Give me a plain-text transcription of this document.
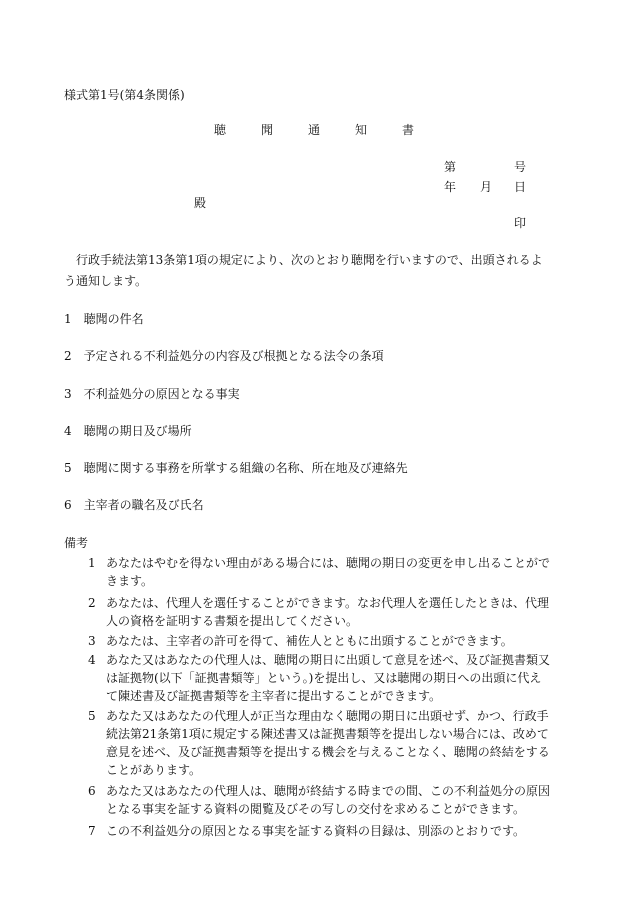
様式第1号(第4条関係)
聴	聞	通	知	書
第	号
年 月 日
殿
印
行政手続法第13条第1項の規定により、次のとおり聴聞を行いますので、出頭されるよう通知します。
1 聴聞の件名
2 予定される不利益処分の内容及び根拠となる法令の条項
3 不利益処分の原因となる事実
4 聴聞の期日及び場所
5 聴聞に関する事務を所掌する組織の名称、所在地及び連絡先
6 主宰者の職名及び氏名
備考
1 あなたはやむを得ない理由がある場合には、聴聞の期日の変更を申し出ることができます。
2 あなたは、代理人を選任することができます。なお代理人を選任したときは、代理人の資格を証明する書類を提出してください。
3 あなたは、主宰者の許可を得て、補佐人とともに出頭することができます。
4 あなた又はあなたの代理人は、聴聞の期日に出頭して意見を述べ、及び証拠書類又は証拠物(以下「証拠書類等」という。)を提出し、又は聴聞の期日への出頭に代えて陳述書及び証拠書類等を主宰者に提出することができます。
5 あなた又はあなたの代理人が正当な理由なく聴聞の期日に出頭せず、かつ、行政手続法第21条第1項に規定する陳述書又は証拠書類等を提出しない場合には、改めて意見を述べ、及び証拠書類等を提出する機会を与えることなく、聴聞の終結をすることがあります。
6 あなた又はあなたの代理人は、聴聞が終結する時までの間、この不利益処分の原因となる事実を証する資料の閲覧及びその写しの交付を求めることができます。
7 この不利益処分の原因となる事実を証する資料の目録は、別添のとおりです。
